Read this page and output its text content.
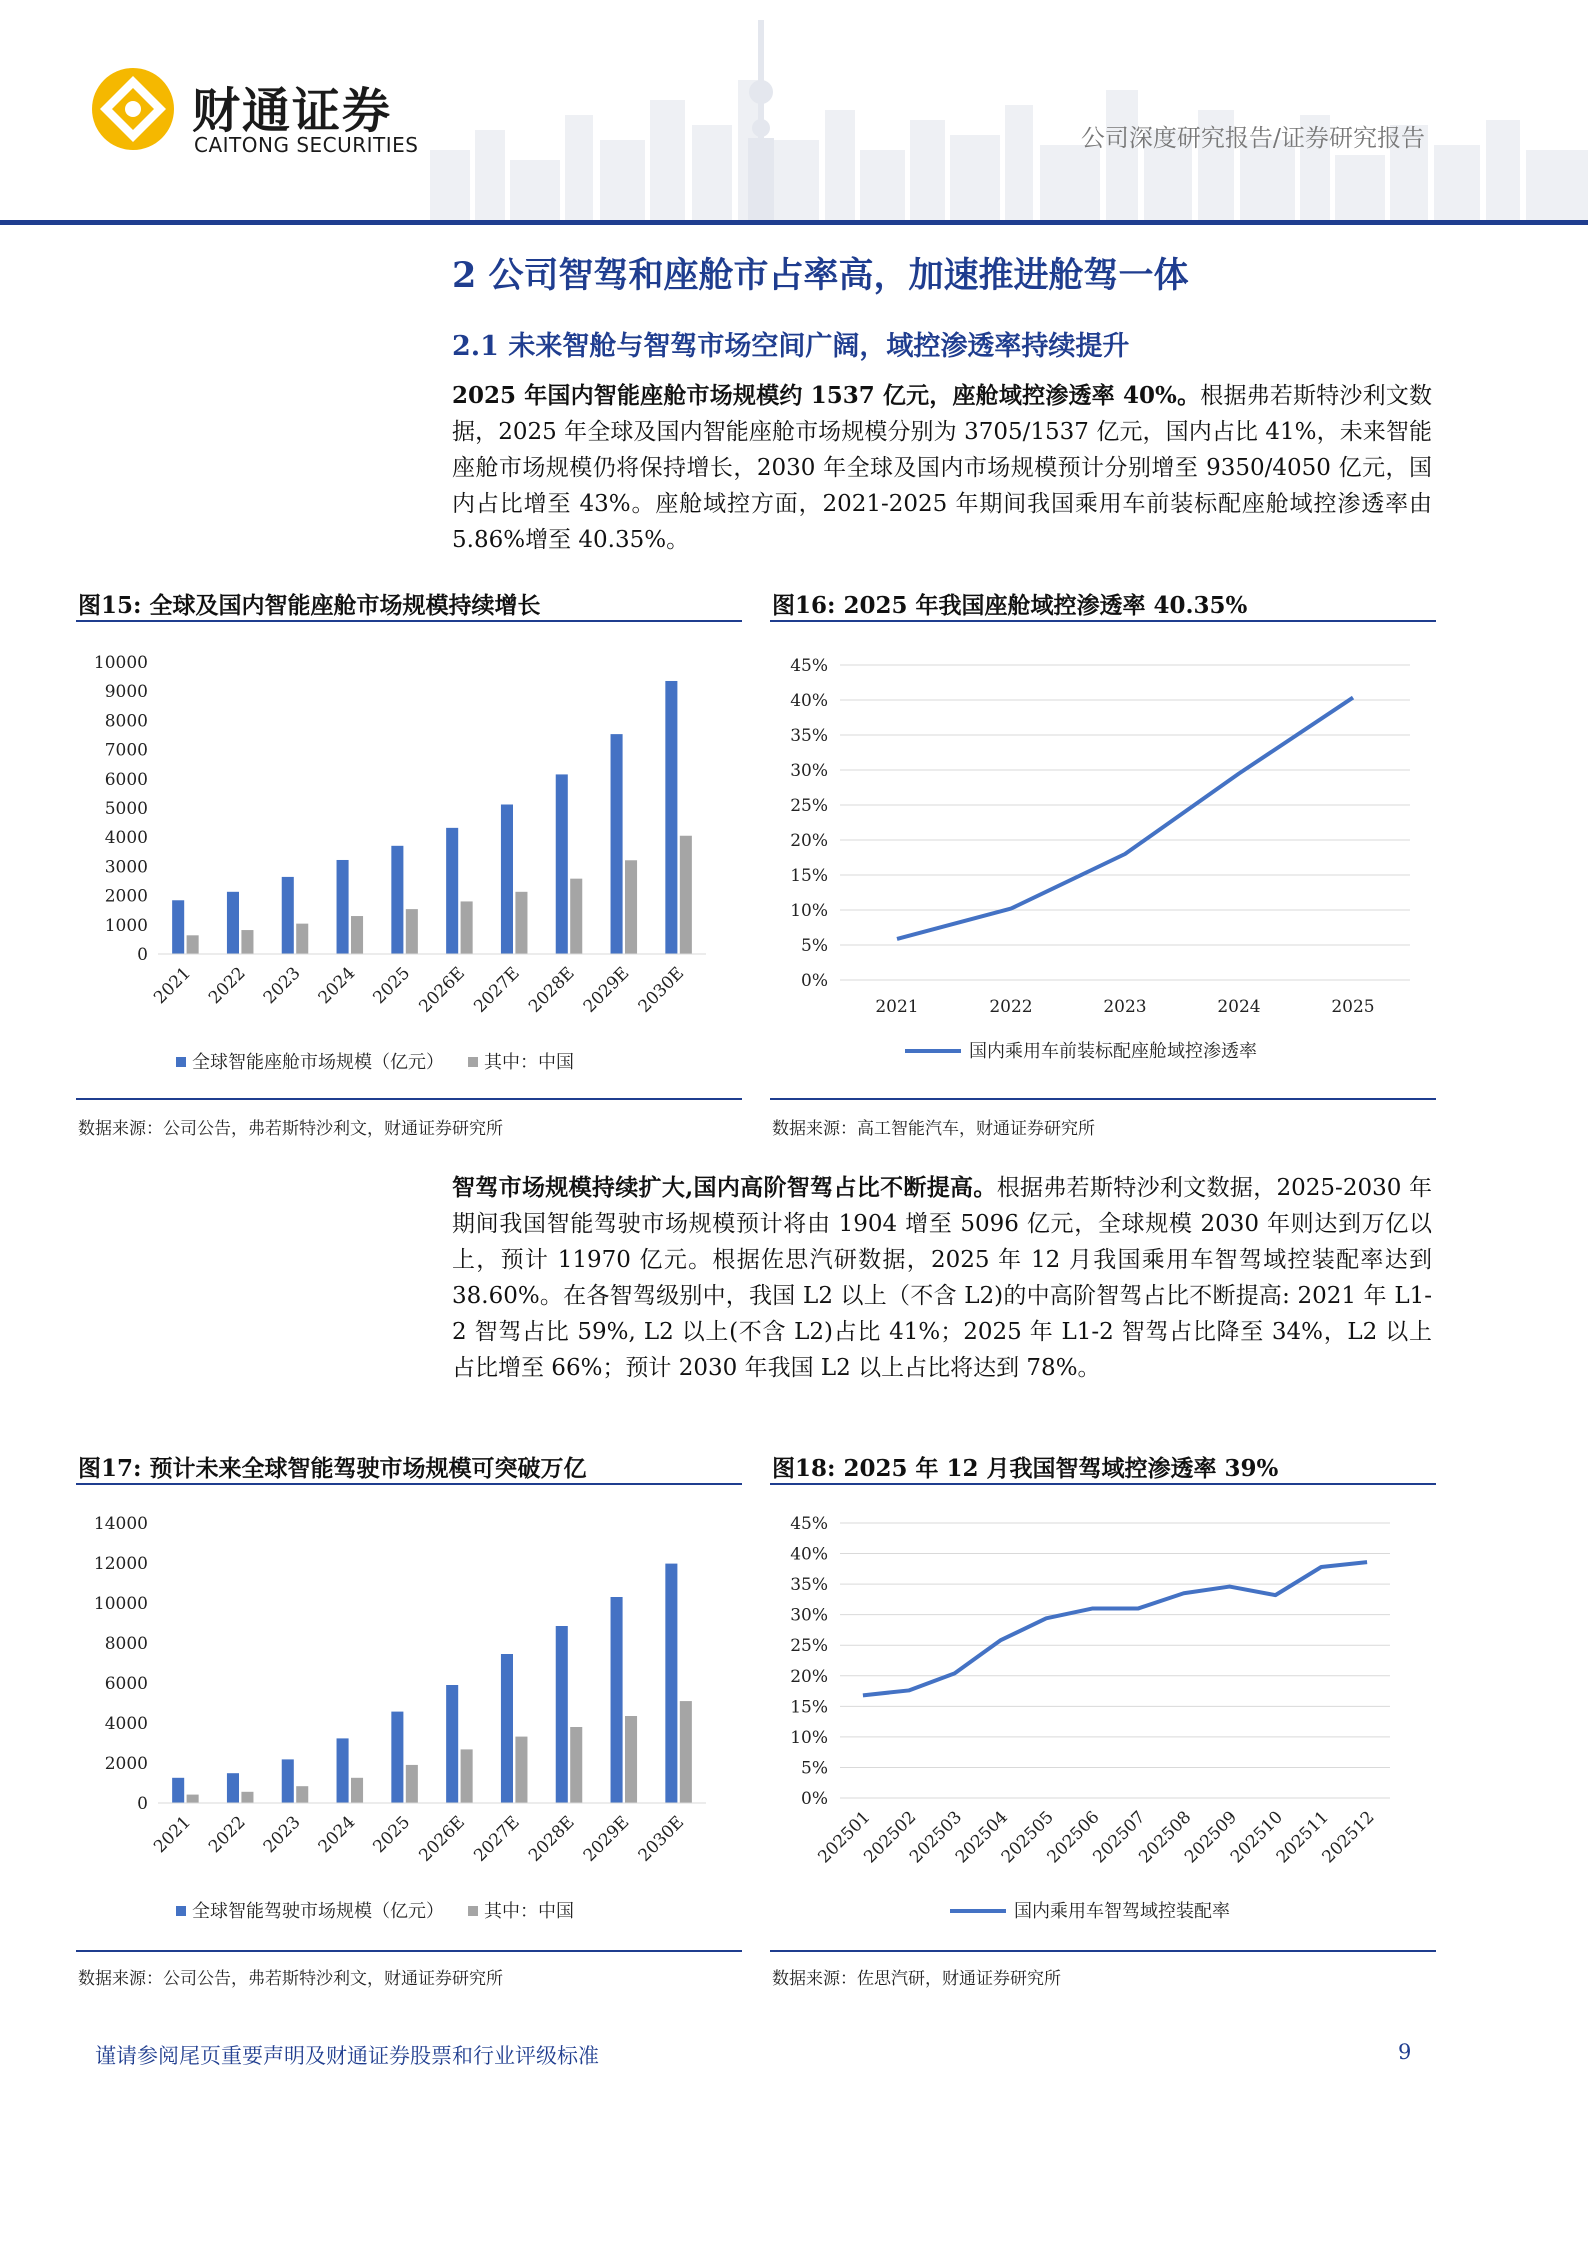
财通证券
CAITONG SECURITIES	公司深度研究报告/证券研究报告
2 公司智驾和座舱市占率高，加速推进舱驾一体
2.1 未来智舱与智驾市场空间广阔，域控渗透率持续提升
2025 年国内智能座舱市场规模约 1537 亿元，座舱域控渗透率 40%。根据弗若斯特沙利文数据，2025 年全球及国内智能座舱市场规模分别为 3705/1537 亿元，国内占比 41%，未来智能座舱市场规模仍将保持增长，2030 年全球及国内市场规模预计分别增至 9350/4050 亿元，国内占比增至 43%。座舱域控方面，2021-2025 年期间我国乘用车前装标配座舱域控渗透率由 5.86%增至 40.35%。
图15: 全球及国内智能座舱市场规模持续增长
0
1000
2000
3000
4000
5000
6000
7000
8000
9000
10000
2021 2022 2023 2024 2025 2026E 2027E 2028E 2029E 2030E
全球智能座舱市场规模（亿元） 其中：中国
数据来源：公司公告，弗若斯特沙利文，财通证券研究所
图16: 2025 年我国座舱域控渗透率 40.35%
0%
5%
10%
15%
20%
25%
30%
35%
40%
45%
2021	2022	2023	2024	2025
国内乘用车前装标配座舱域控渗透率
数据来源：高工智能汽车，财通证券研究所
智驾市场规模持续扩大,国内高阶智驾占比不断提高。根据弗若斯特沙利文数据，2025-2030 年期间我国智能驾驶市场规模预计将由 1904 增至 5096 亿元，全球规模 2030 年则达到万亿以上，预计 11970 亿元。根据佐思汽研数据，2025 年 12 月我国乘用车智驾域控装配率达到 38.60%。在各智驾级别中，我国 L2 以上（不含 L2)的中高阶智驾占比不断提高: 2021 年 L1-2 智驾占比 59%, L2 以上(不含 L2)占比 41%；2025 年 L1-2 智驾占比降至 34%，L2 以上占比增至 66%；预计 2030 年我国 L2 以上占比将达到 78%。
图17: 预计未来全球智能驾驶市场规模可突破万亿
0
2000
4000
6000
8000
10000
12000
14000
2021 2022 2023 2024 2025 2026E 2027E 2028E 2029E 2030E
全球智能驾驶市场规模（亿元） 其中：中国
数据来源：公司公告，弗若斯特沙利文，财通证券研究所
图18: 2025 年 12 月我国智驾域控渗透率 39%
0%
5%
10%
15%
20%
25%
30%
35%
40%
45%
202501
202502
202503
202504
202505
202506
202507
202508
202509
202510
202511
202512
国内乘用车智驾域控装配率
数据来源：佐思汽研，财通证券研究所
谨请参阅尾页重要声明及财通证券股票和行业评级标准	9
